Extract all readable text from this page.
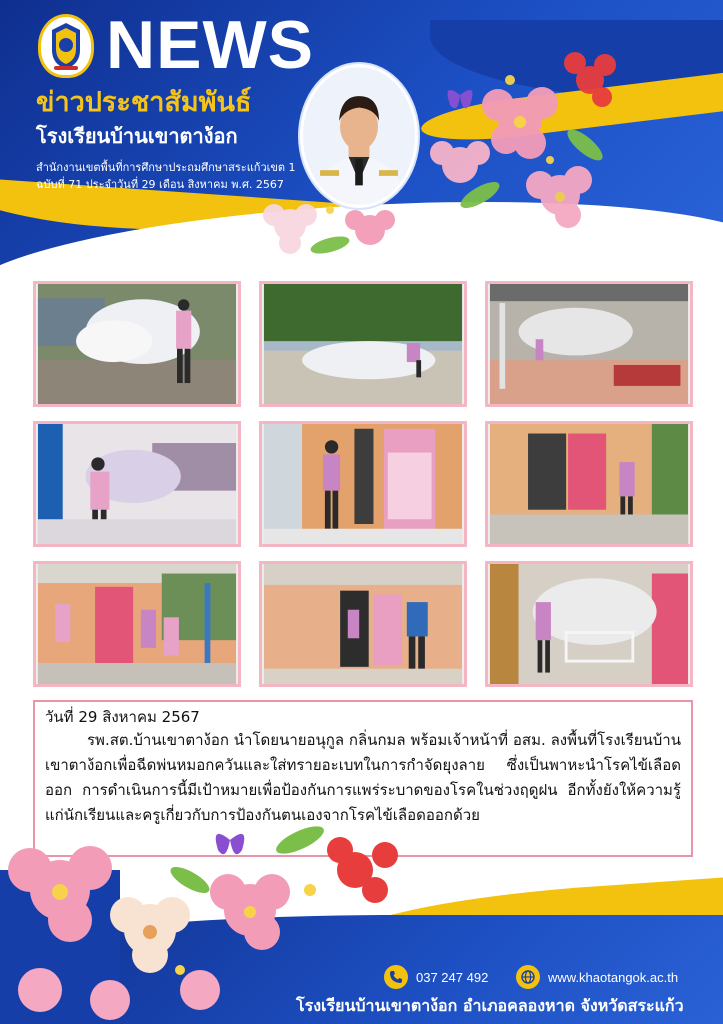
NEWS
ข่าวประชาสัมพันธ์
โรงเรียนบ้านเขาตาง้อก
สำนักงานเขตพื้นที่การศึกษาประถมศึกษาสระแก้วเขต 1
ฉบับที่ 71 ประจำวันที่ 29 เดือน สิงหาคม พ.ศ. 2567
วันที่ 29 สิงหาคม 2567

รพ.สต.บ้านเขาตาง้อก นำโดยนายอนุกูล กลิ่นกมล พร้อมเจ้าหน้าที่ อสม. ลงพื้นที่โรงเรียนบ้านเขาตาง้อกเพื่อฉีดพ่นหมอกควันและใส่ทรายอะเบทในการกำจัดยุงลาย ซึ่งเป็นพาหะนำโรคไข้เลือดออก การดำเนินการนี้มีเป้าหมายเพื่อป้องกันการแพร่ระบาดของโรคในช่วงฤดูฝน อีกทั้งยังให้ความรู้แก่นักเรียนและครูเกี่ยวกับการป้องกันตนเองจากโรคไข้เลือดออกด้วย

037 247 492	www.khaotangok.ac.th
โรงเรียนบ้านเขาตาง้อก อำเภอคลองหาด จังหวัดสระแก้ว
